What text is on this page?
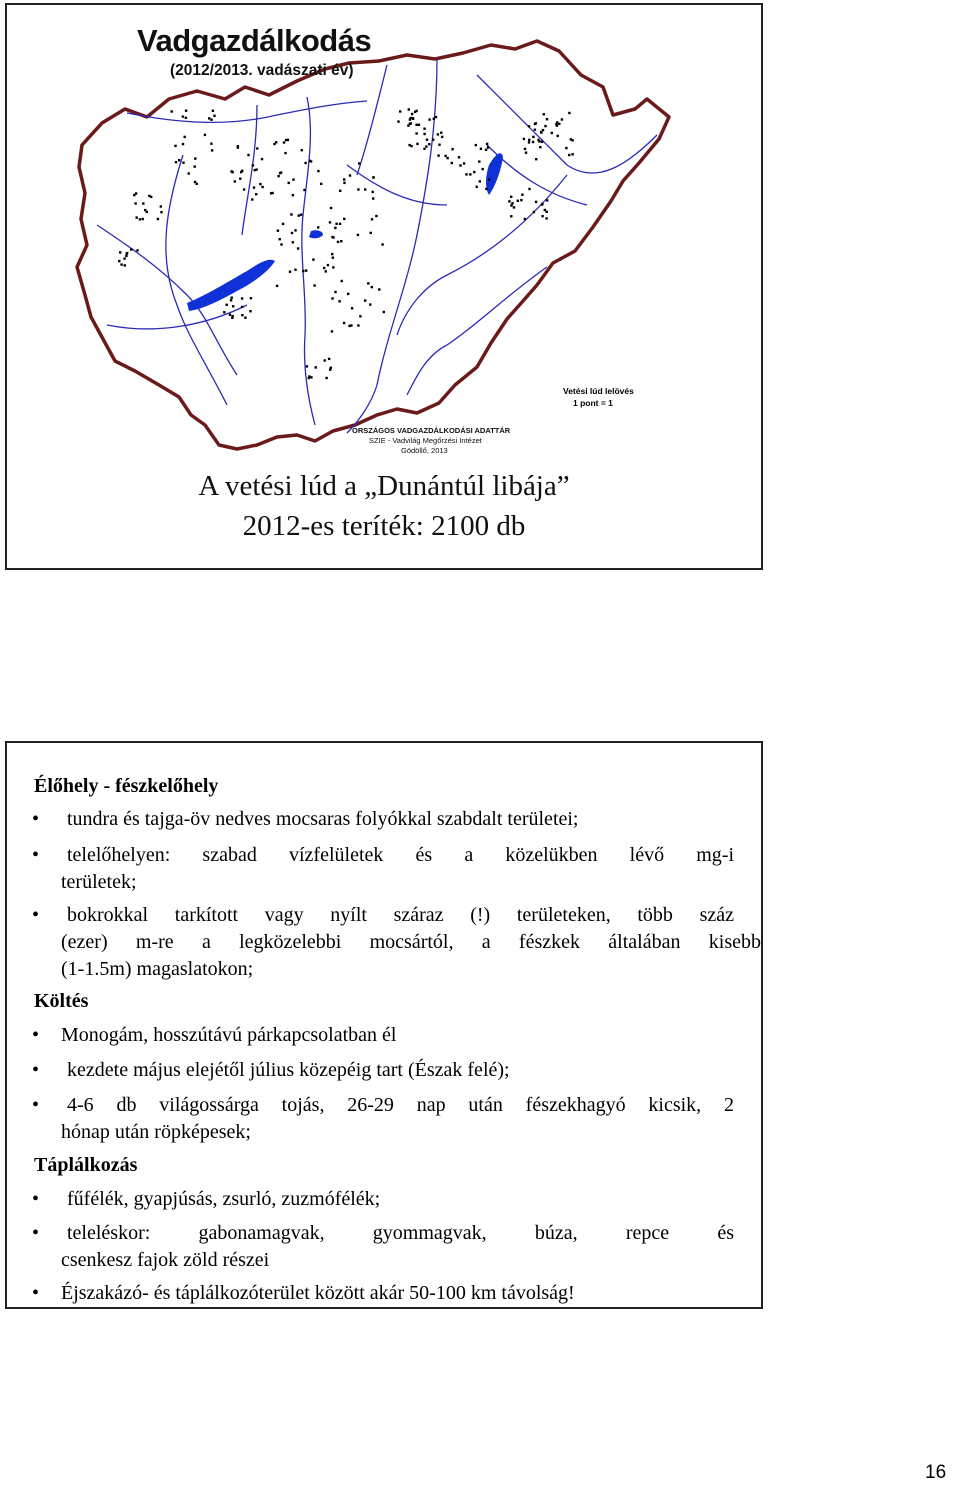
Vadgazdálkodás
(2012/2013. vadászati év)
Vetési lúd lelövés
1 pont = 1
ORSZÁGOS VADGAZDÁLKODÁSI ADATTÁR
SZIE - Vadvilág Megőrzési Intézet
Gödöllő, 2013
A vetési lúd a „Dunántúl libája”
2012-es teríték: 2100 db
Élőhely - fészkelőhely
•	tundra és tajga-öv nedves mocsaras folyókkal szabdalt területei;
•	telelőhelyen: szabad vízfelületek és a közelükben lévő mg-i
területek;
•	bokrokkal tarkított vagy nyílt száraz (!) területeken, több száz
(ezer) m-re a legközelebbi mocsártól, a fészkek általában kisebb
(1-1.5m) magaslatokon;
Költés
•	Monogám, hosszútávú párkapcsolatban él
•	kezdete május elejétől július közepéig tart (Észak felé);
•	4-6 db világossárga tojás, 26-29 nap után fészekhagyó kicsik, 2
hónap után röpképesek;
Táplálkozás
•	fűfélék, gyapjúsás, zsurló, zuzmófélék;
•	teleléskor: gabonamagvak, gyommagvak, búza, repce és
csenkesz fajok zöld részei
•	Éjszakázó- és táplálkozóterület között akár 50-100 km távolság!
16
